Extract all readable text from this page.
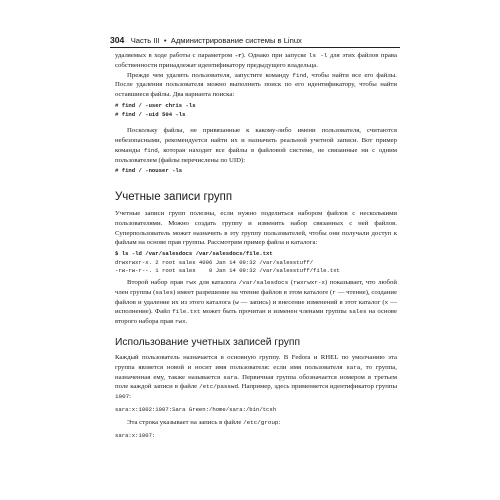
304 Часть III • Администрирование системы в Linux

удаляемых в ходе работы с параметром -r). Однако при запуске ls -l для этих файлов права собственности принадлежат идентификатору предыдущего владельца.

Прежде чем удалить пользователя, запустите команду find, чтобы найти все его файлы. После удаления пользователя можно выполнить поиск по его идентификатору, чтобы найти оставшиеся файлы. Два варианта поиска:

# find / -user chris -ls
# find / -uid 504 -ls

Поскольку файлы, не привязанные к какому-либо имени пользователя, считаются небезопасными, рекомендуется найти их и назначить реальной учетной записи. Вот пример команды find, которая находит все файлы в файловой системе, не связанные ни с одним пользователем (файлы перечислены по UID):

# find / -nouser -ls
Учетные записи групп

Учетные записи групп полезны, если нужно поделиться набором файлов с несколькими пользователями. Можно создать группу и изменить набор связанных с ней файлов. Суперпользователь может назначить в эту группу пользователей, чтобы они получали доступ к файлам на основе прав группы. Рассмотрим пример файла и каталога:

$ ls -ld /var/salesdocs /var/salesdocs/file.txt
drwxrwxr-x. 2 root sales 4096 Jan 14 09:32 /var/salesstuff/
-rw-rw-r--. 1 root sales    0 Jan 14 09:32 /var/salesstuff/file.txt

Второй набор прав rwx для каталога /var/salesdocs (rwxrwxr-x) показывает, что любой член группы (sales) имеет разрешение на чтение файлов в этом каталоге (r — чтение), создание файлов и удаление их из этого каталога (w — запись) и внесение изменений в этот каталог (x — исполнение). Файл file.txt может быть прочитан и изменен членами группы sales на основе второго набора прав rwx.

Использование учетных записей групп

Каждый пользователь назначается в основную группу. В Fedora и RHEL по умолчанию эта группа является новой и носит имя пользователя: если имя пользователя sara, то группа, назначенная ему, также называется sara. Первичная группа обозначается номером в третьем поле каждой записи в файле /etc/passwd. Например, здесь применяется идентификатор группы 1007:

sara:x:1002:1007:Sara Green:/home/sara:/bin/tcsh

Эта строка указывает на запись в файле /etc/group:

sara:x:1007:
